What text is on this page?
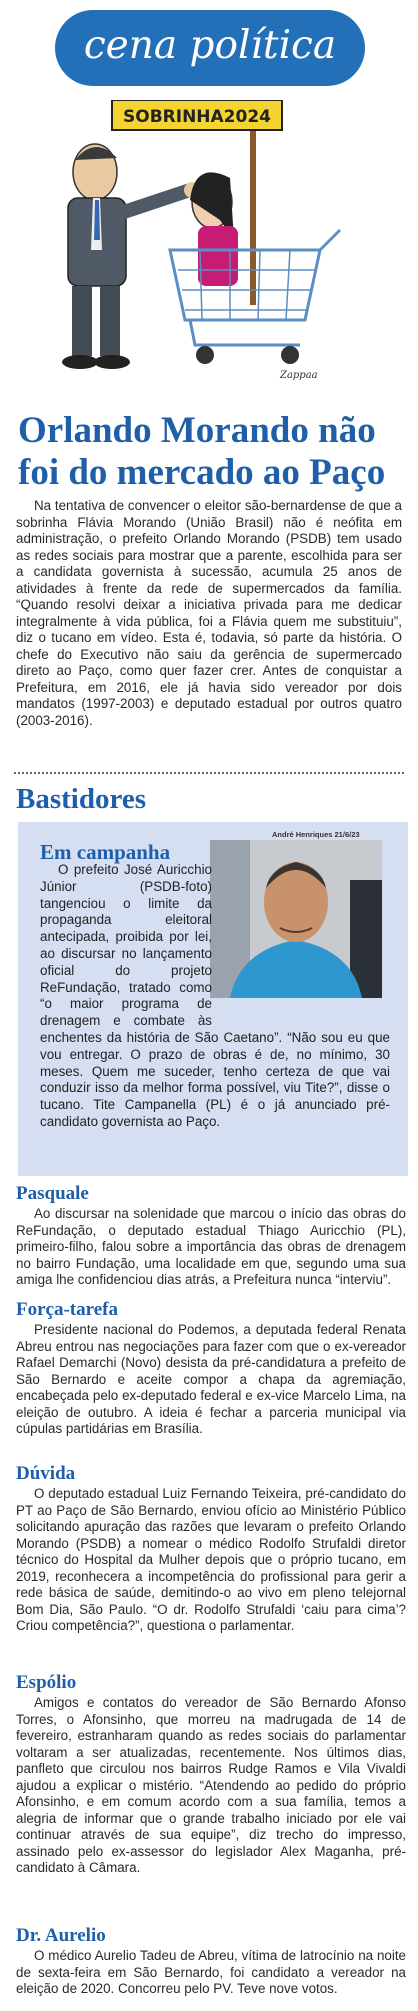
cena política
SOBRINHA2024
Zappaa
Orlando Morando não foi do mercado ao Paço
Na tentativa de convencer o eleitor são-bernardense de que a sobrinha Flávia Morando (União Brasil) não é neófita em administração, o prefeito Orlando Morando (PSDB) tem usado as redes sociais para mostrar que a parente, escolhida para ser a candidata governista à sucessão, acumula 25 anos de atividades à frente da rede de supermercados da família. “Quando resolvi deixar a iniciativa privada para me dedicar integralmente à vida pública, foi a Flávia quem me substituiu”, diz o tucano em vídeo. Esta é, todavia, só parte da história. O chefe do Executivo não saiu da gerência de supermercado direto ao Paço, como quer fazer crer. Antes de conquistar a Prefeitura, em 2016, ele já havia sido vereador por dois mandatos (1997-2003) e deputado estadual por outros quatro (2003-2016).
Bastidores
André Henriques 21/6/23
Em campanha
O prefeito José Auricchio Júnior (PSDB-foto) tangenciou o limite da propaganda eleitoral antecipada, proibida por lei, ao discursar no lançamento oficial do projeto ReFundação, tratado como “o maior programa de drenagem e combate às enchentes da história de São Caetano”. “Não sou eu que vou entregar. O prazo de obras é de, no mínimo, 30 meses. Quem me suceder, tenho certeza de que vai conduzir isso da melhor forma possível, viu Tite?”, disse o tucano. Tite Campanella (PL) é o já anunciado pré-candidato governista ao Paço.
Pasquale
Ao discursar na solenidade que marcou o início das obras do ReFundação, o deputado estadual Thiago Auricchio (PL), primeiro-filho, falou sobre a importância das obras de drenagem no bairro Fundação, uma localidade em que, segundo uma sua amiga lhe confidenciou dias atrás, a Prefeitura nunca “interviu”.
Força-tarefa
Presidente nacional do Podemos, a deputada federal Renata Abreu entrou nas negociações para fazer com que o ex-vereador Rafael Demarchi (Novo) desista da pré-candidatura a prefeito de São Bernardo e aceite compor a chapa da agremiação, encabeçada pelo ex-deputado federal e ex-vice Marcelo Lima, na eleição de outubro. A ideia é fechar a parceria municipal via cúpulas partidárias em Brasília.
Dúvida
O deputado estadual Luiz Fernando Teixeira, pré-candidato do PT ao Paço de São Bernardo, enviou ofício ao Ministério Público solicitando apuração das razões que levaram o prefeito Orlando Morando (PSDB) a nomear o médico Rodolfo Strufaldi diretor técnico do Hospital da Mulher depois que o próprio tucano, em 2019, reconhecera a incompetência do profissional para gerir a rede básica de saúde, demitindo-o ao vivo em pleno telejornal Bom Dia, São Paulo. “O dr. Rodolfo Strufaldi ‘caiu para cima’? Criou competência?”, questiona o parlamentar.
Espólio
Amigos e contatos do vereador de São Bernardo Afonso Torres, o Afonsinho, que morreu na madrugada de 14 de fevereiro, estranharam quando as redes sociais do parlamentar voltaram a ser atualizadas, recentemente. Nos últimos dias, panfleto que circulou nos bairros Rudge Ramos e Vila Vivaldi ajudou a explicar o mistério. “Atendendo ao pedido do próprio Afonsinho, e em comum acordo com a sua família, temos a alegria de informar que o grande trabalho iniciado por ele vai continuar através de sua equipe”, diz trecho do impresso, assinado pelo ex-assessor do legislador Alex Maganha, pré-candidato à Câmara.
Dr. Aurelio
O médico Aurelio Tadeu de Abreu, vítima de latrocínio na noite de sexta-feira em São Bernardo, foi candidato a vereador na eleição de 2020. Concorreu pelo PV. Teve nove votos.
